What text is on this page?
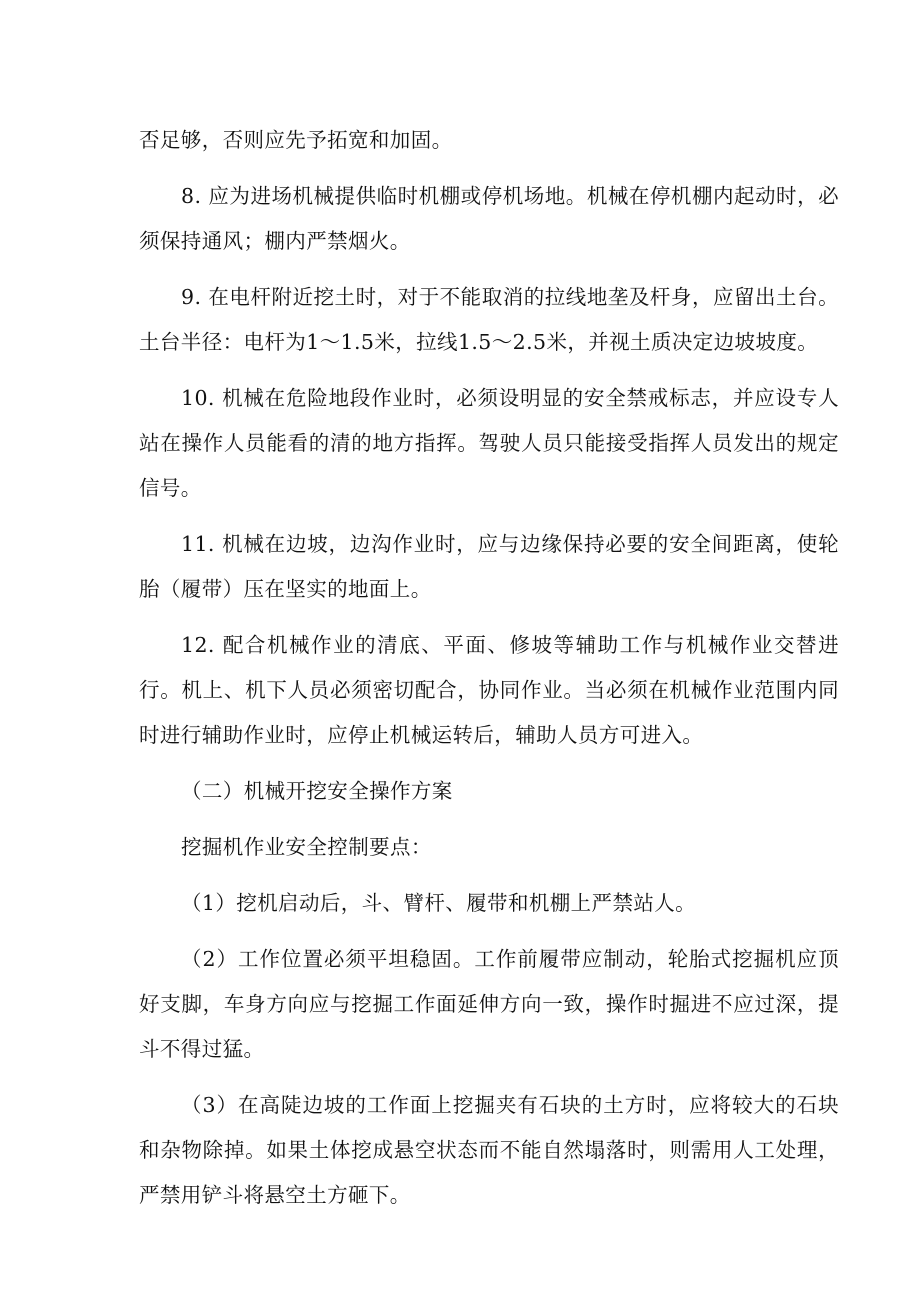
否足够，否则应先予拓宽和加固。

8. 应为进场机械提供临时机棚或停机场地。机械在停机棚内起动时，必须保持通风；棚内严禁烟火。

9. 在电杆附近挖土时，对于不能取消的拉线地垄及杆身，应留出土台。土台半径：电杆为1～1.5米，拉线1.5～2.5米，并视土质决定边坡坡度。

10. 机械在危险地段作业时，必须设明显的安全禁戒标志，并应设专人站在操作人员能看的清的地方指挥。驾驶人员只能接受指挥人员发出的规定信号。

11. 机械在边坡，边沟作业时，应与边缘保持必要的安全间距离，使轮胎（履带）压在坚实的地面上。

12. 配合机械作业的清底、平面、修坡等辅助工作与机械作业交替进行。机上、机下人员必须密切配合，协同作业。当必须在机械作业范围内同时进行辅助作业时，应停止机械运转后，辅助人员方可进入。

（二）机械开挖安全操作方案

挖掘机作业安全控制要点：

（1）挖机启动后，斗、臂杆、履带和机棚上严禁站人。

（2）工作位置必须平坦稳固。工作前履带应制动，轮胎式挖掘机应顶好支脚，车身方向应与挖掘工作面延伸方向一致，操作时掘进不应过深，提斗不得过猛。

（3）在高陡边坡的工作面上挖掘夹有石块的土方时，应将较大的石块和杂物除掉。如果土体挖成悬空状态而不能自然塌落时，则需用人工处理，严禁用铲斗将悬空土方砸下。
